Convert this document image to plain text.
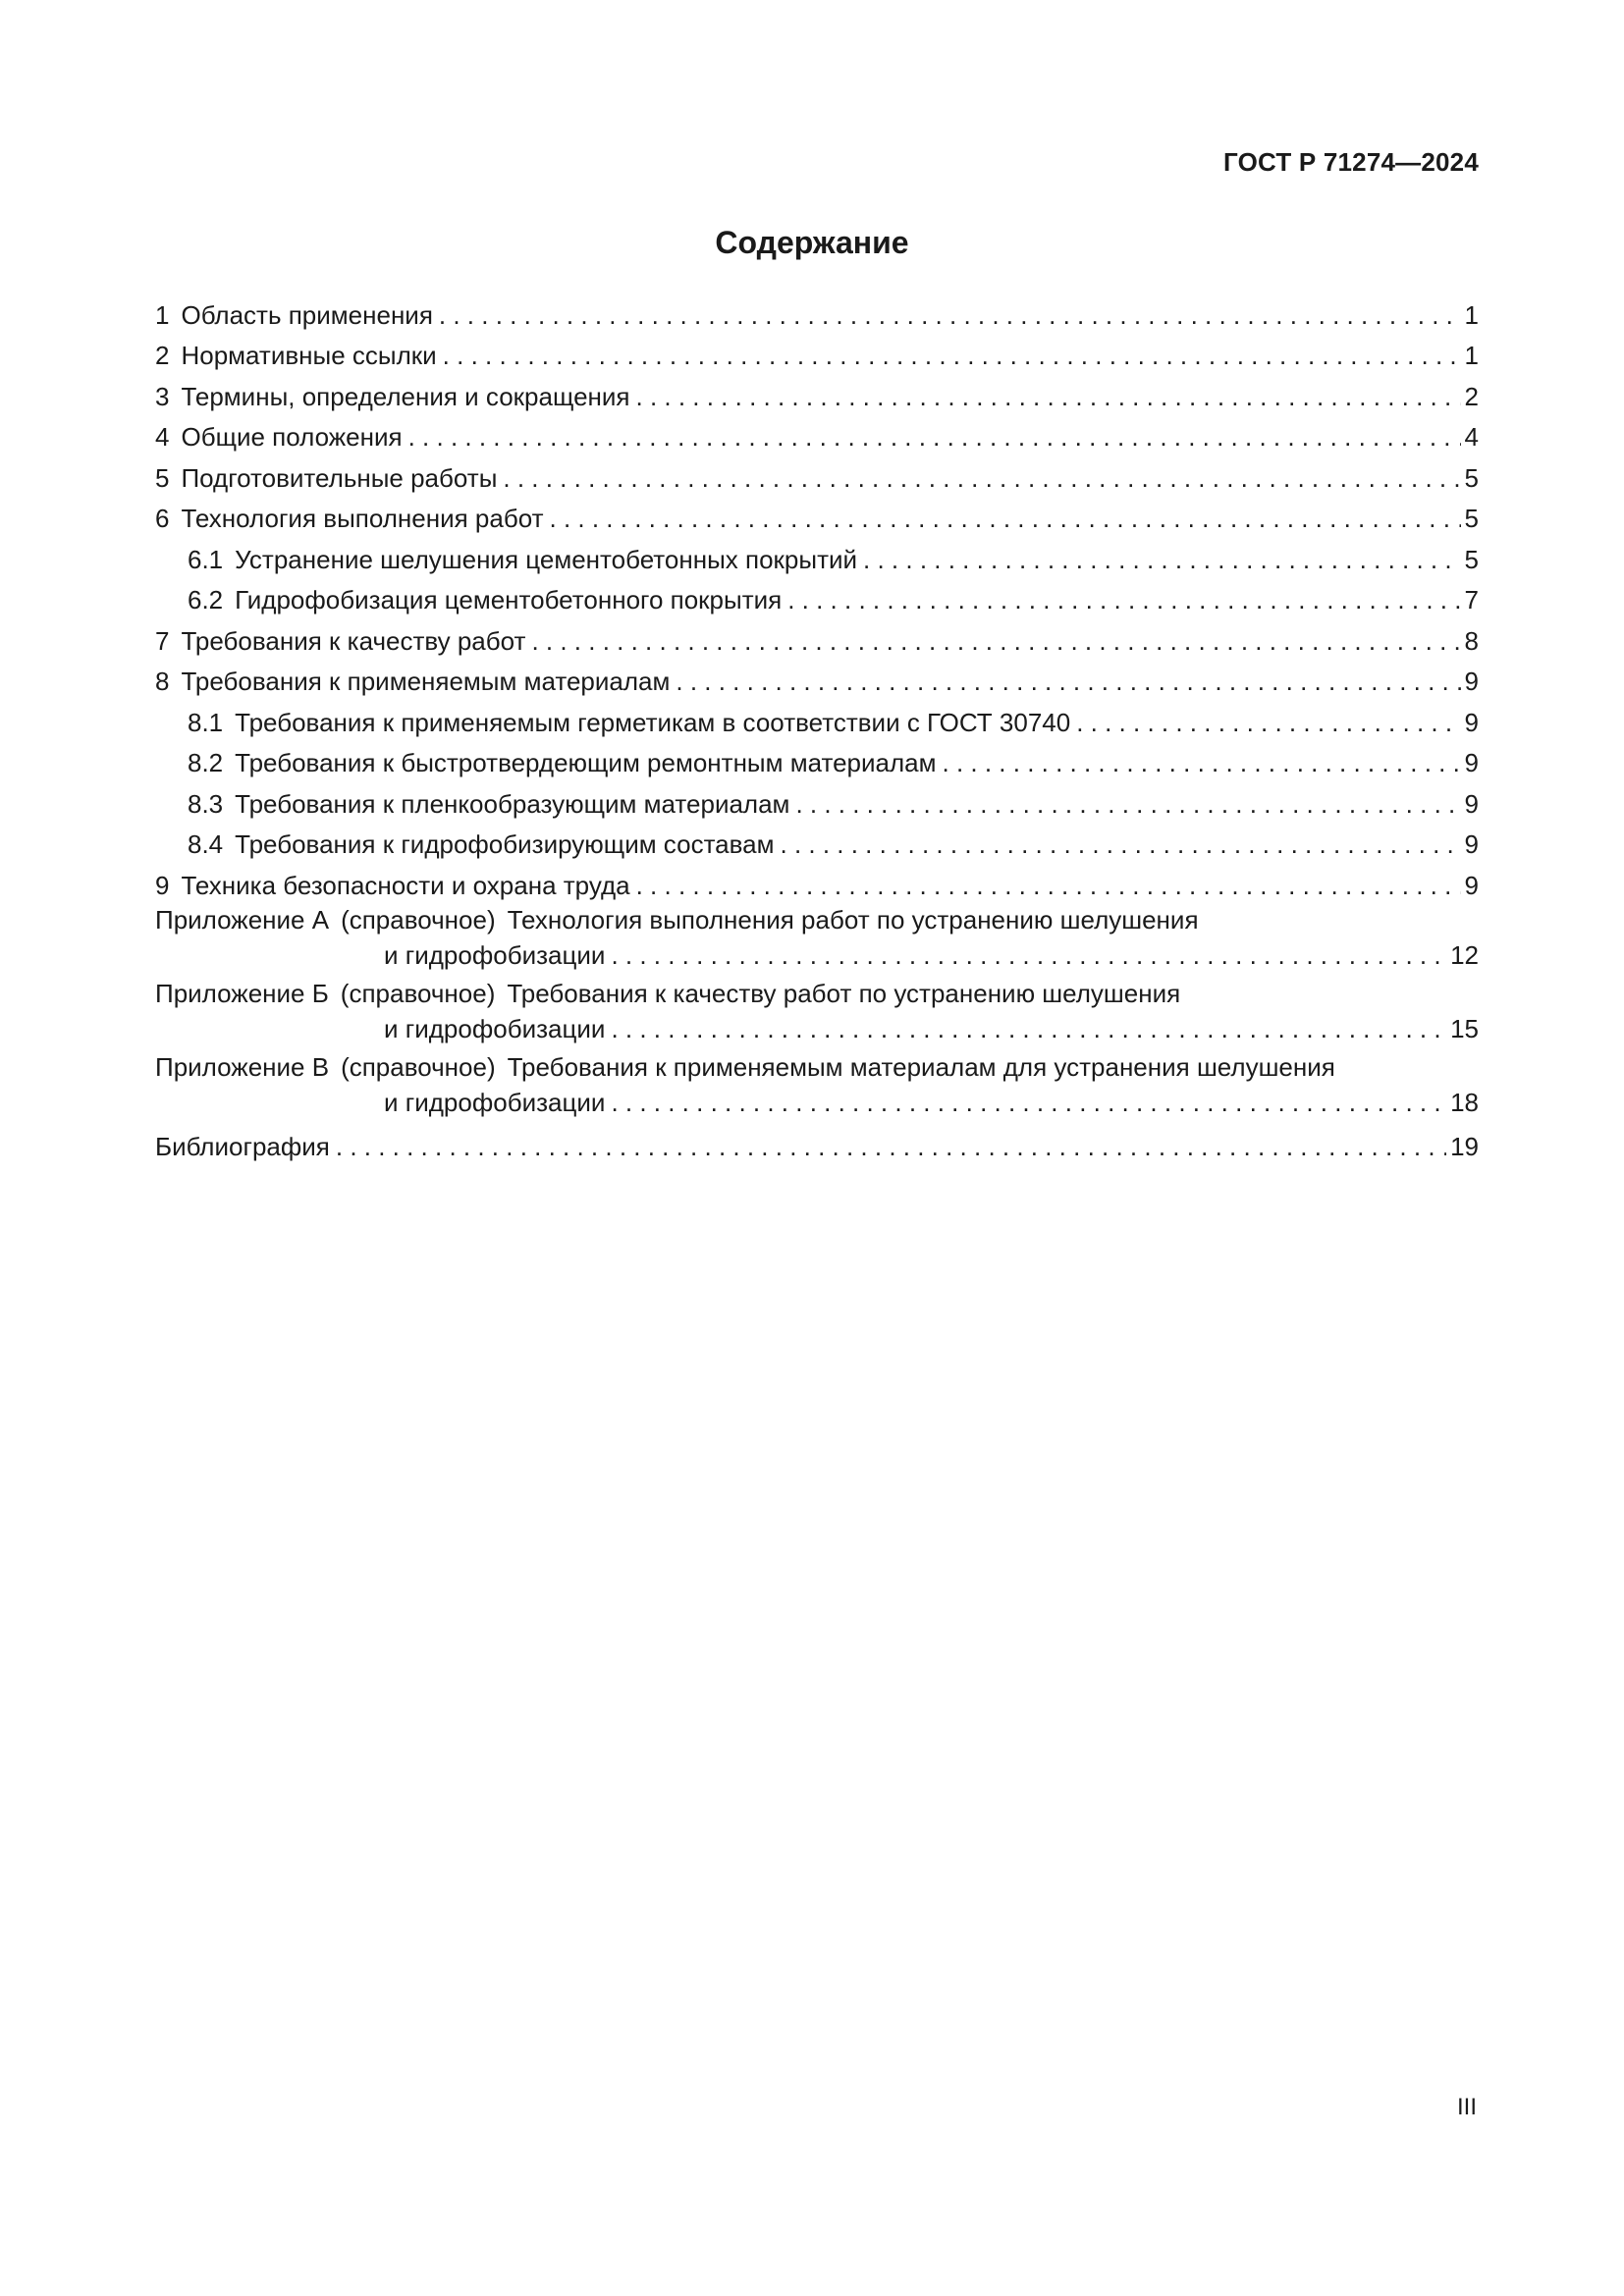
ГОСТ Р 71274—2024
Содержание
1 Область применения . . .	1
2 Нормативные ссылки . . .	1
3 Термины, определения и сокращения . . .	2
4 Общие положения . . .	4
5 Подготовительные работы . . .	5
6 Технология выполнения работ . . .	5
6.1 Устранение шелушения цементобетонных покрытий . . .	5
6.2 Гидрофобизация цементобетонного покрытия . . .	7
7 Требования к качеству работ . . .	8
8 Требования к применяемым материалам . . .	9
8.1 Требования к применяемым герметикам в соответствии с ГОСТ 30740 . . .	9
8.2 Требования к быстротвердеющим ремонтным материалам . . .	9
8.3 Требования к пленкообразующим материалам . . .	9
8.4 Требования к гидрофобизирующим составам . . .	9
9 Техника безопасности и охрана труда . . .	9
Приложение А (справочное) Технология выполнения работ по устранению шелушения
и гидрофобизации . . .	12
Приложение Б (справочное) Требования к качеству работ по устранению шелушения
и гидрофобизации . . .	15
Приложение В (справочное) Требования к применяемым материалам для устранения шелушения
и гидрофобизации . . .	18
Библиография . . .	19
III
